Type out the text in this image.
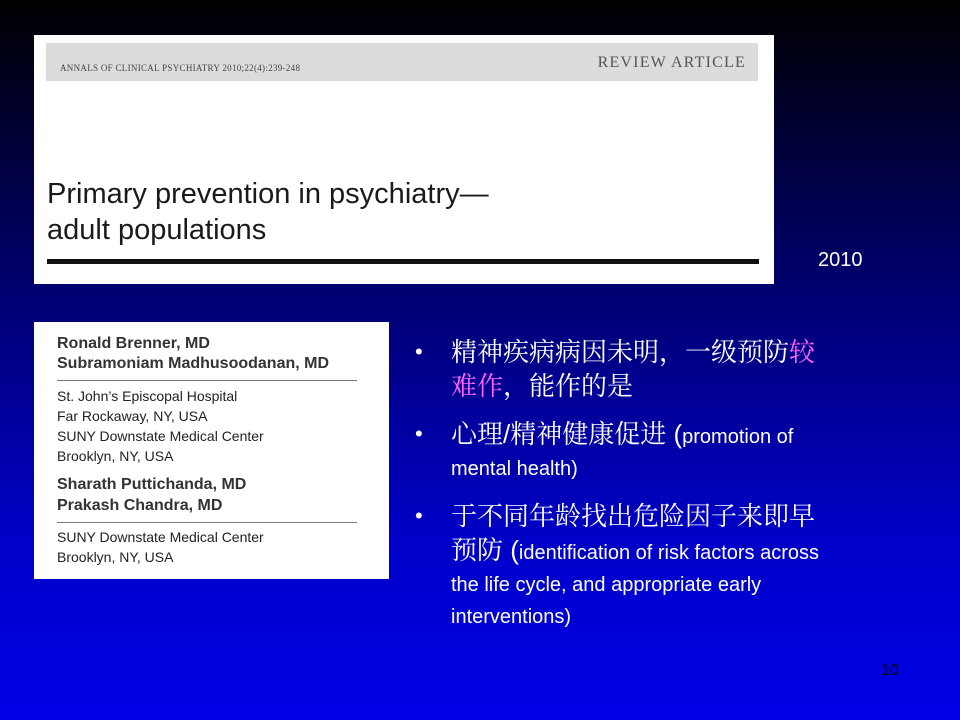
ANNALS OF CLINICAL PSYCHIATRY 2010;22(4):239-248	REVIEW ARTICLE
Primary prevention in psychiatry—
adult populations
2010
Ronald Brenner, MD
Subramoniam Madhusoodanan, MD
St. John’s Episcopal Hospital
Far Rockaway, NY, USA
SUNY Downstate Medical Center
Brooklyn, NY, USA
Sharath Puttichanda, MD
Prakash Chandra, MD
SUNY Downstate Medical Center
Brooklyn, NY, USA
• 精神疾病病因未明，一级预防较
难作，能作的是
• 心理/精神健康促进 (promotion of
mental health)
• 于不同年龄找出危险因子来即早
预防 (identification of risk factors across
the life cycle, and appropriate early
interventions)
10
